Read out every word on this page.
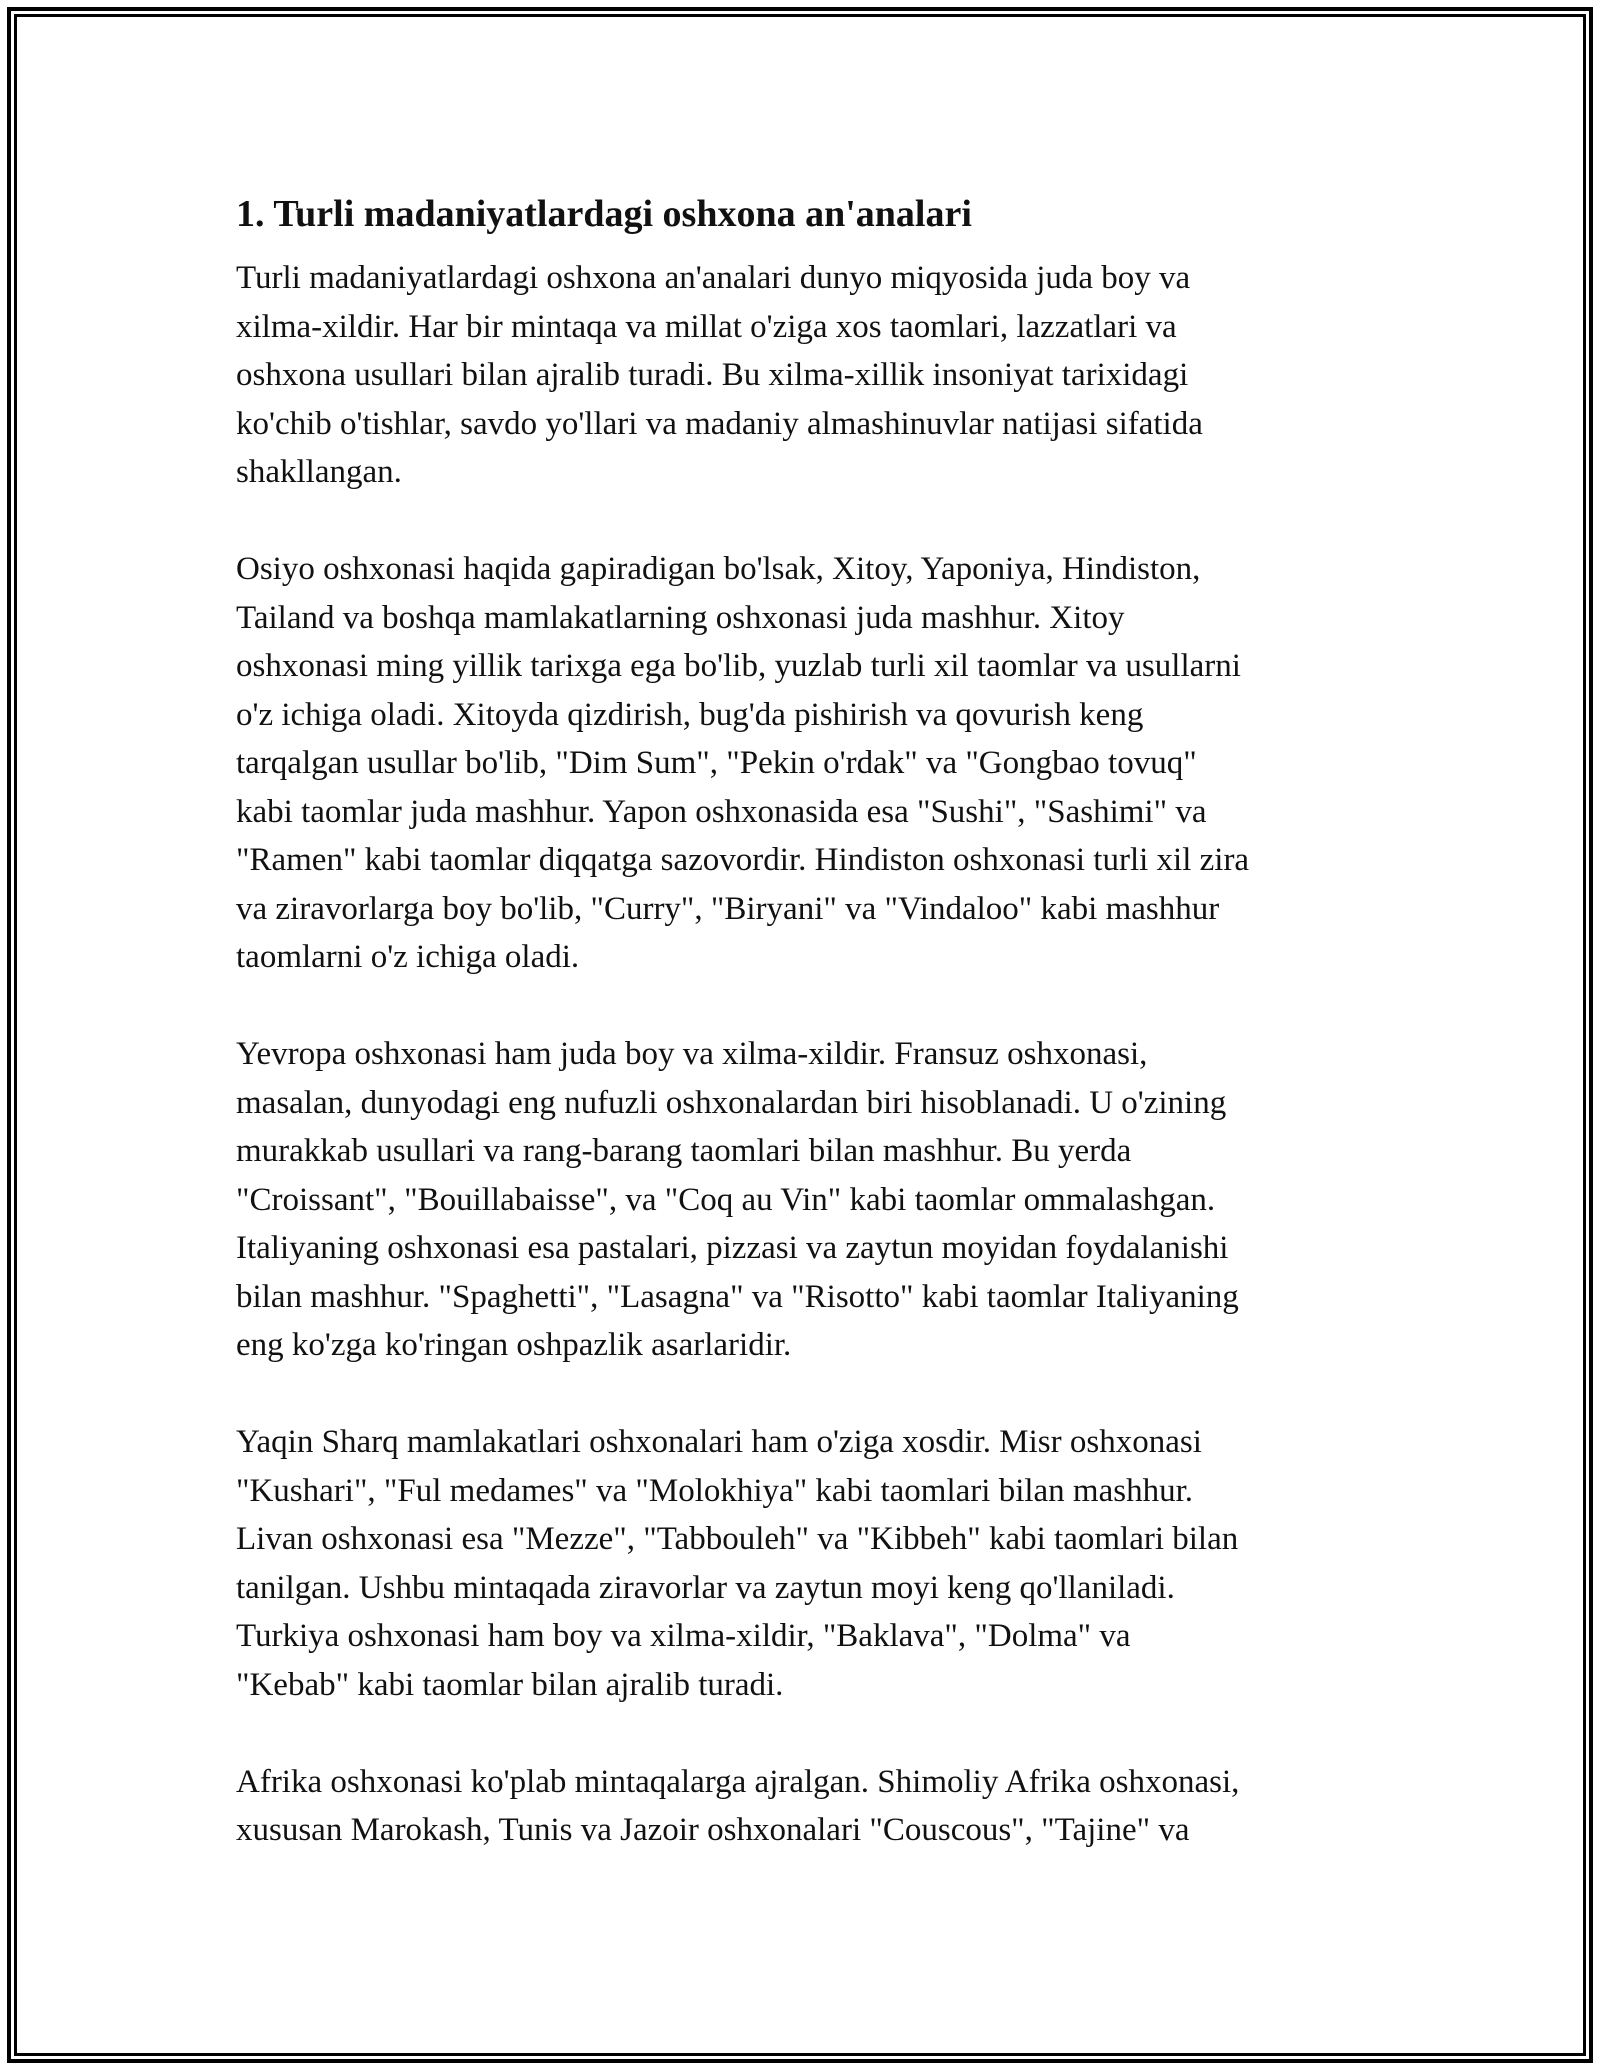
1. Turli madaniyatlardagi oshxona an'analari

Turli madaniyatlardagi oshxona an'analari dunyo miqyosida juda boy va
xilma-xildir. Har bir mintaqa va millat o'ziga xos taomlari, lazzatlari va
oshxona usullari bilan ajralib turadi. Bu xilma-xillik insoniyat tarixidagi
ko'chib o'tishlar, savdo yo'llari va madaniy almashinuvlar natijasi sifatida
shakllangan.

Osiyo oshxonasi haqida gapiradigan bo'lsak, Xitoy, Yaponiya, Hindiston,
Tailand va boshqa mamlakatlarning oshxonasi juda mashhur. Xitoy
oshxonasi ming yillik tarixga ega bo'lib, yuzlab turli xil taomlar va usullarni
o'z ichiga oladi. Xitoyda qizdirish, bug'da pishirish va qovurish keng
tarqalgan usullar bo'lib, "Dim Sum", "Pekin o'rdak" va "Gongbao tovuq"
kabi taomlar juda mashhur. Yapon oshxonasida esa "Sushi", "Sashimi" va
"Ramen" kabi taomlar diqqatga sazovordir. Hindiston oshxonasi turli xil zira
va ziravorlarga boy bo'lib, "Curry", "Biryani" va "Vindaloo" kabi mashhur
taomlarni o'z ichiga oladi.

Yevropa oshxonasi ham juda boy va xilma-xildir. Fransuz oshxonasi,
masalan, dunyodagi eng nufuzli oshxonalardan biri hisoblanadi. U o'zining
murakkab usullari va rang-barang taomlari bilan mashhur. Bu yerda
"Croissant", "Bouillabaisse", va "Coq au Vin" kabi taomlar ommalashgan.
Italiyaning oshxonasi esa pastalari, pizzasi va zaytun moyidan foydalanishi
bilan mashhur. "Spaghetti", "Lasagna" va "Risotto" kabi taomlar Italiyaning
eng ko'zga ko'ringan oshpazlik asarlaridir.

Yaqin Sharq mamlakatlari oshxonalari ham o'ziga xosdir. Misr oshxonasi
"Kushari", "Ful medames" va "Molokhiya" kabi taomlari bilan mashhur.
Livan oshxonasi esa "Mezze", "Tabbouleh" va "Kibbeh" kabi taomlari bilan
tanilgan. Ushbu mintaqada ziravorlar va zaytun moyi keng qo'llaniladi.
Turkiya oshxonasi ham boy va xilma-xildir, "Baklava", "Dolma" va
"Kebab" kabi taomlar bilan ajralib turadi.

Afrika oshxonasi ko'plab mintaqalarga ajralgan. Shimoliy Afrika oshxonasi,
xususan Marokash, Tunis va Jazoir oshxonalari "Couscous", "Tajine" va
